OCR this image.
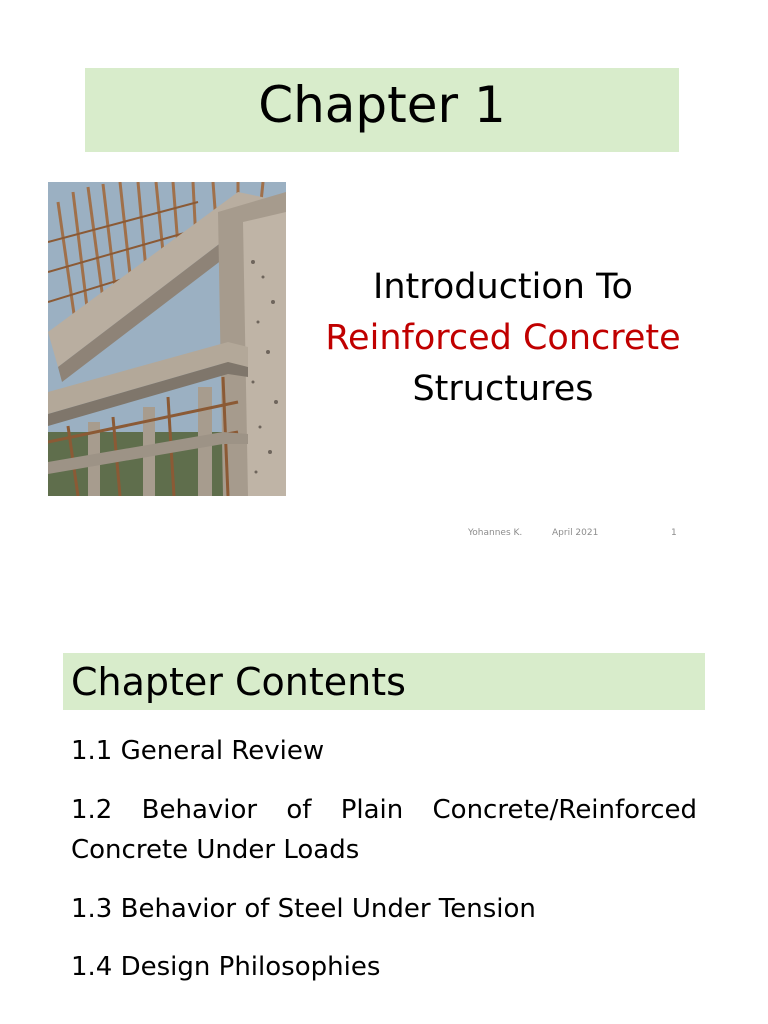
Chapter 1
Introduction To
Reinforced Concrete
Structures
Yohannes K.	April 2021	1
Chapter Contents
1.1 General Review
1.2 Behavior of Plain Concrete/Reinforced Concrete Under Loads
1.3 Behavior of Steel Under Tension
1.4 Design Philosophies
